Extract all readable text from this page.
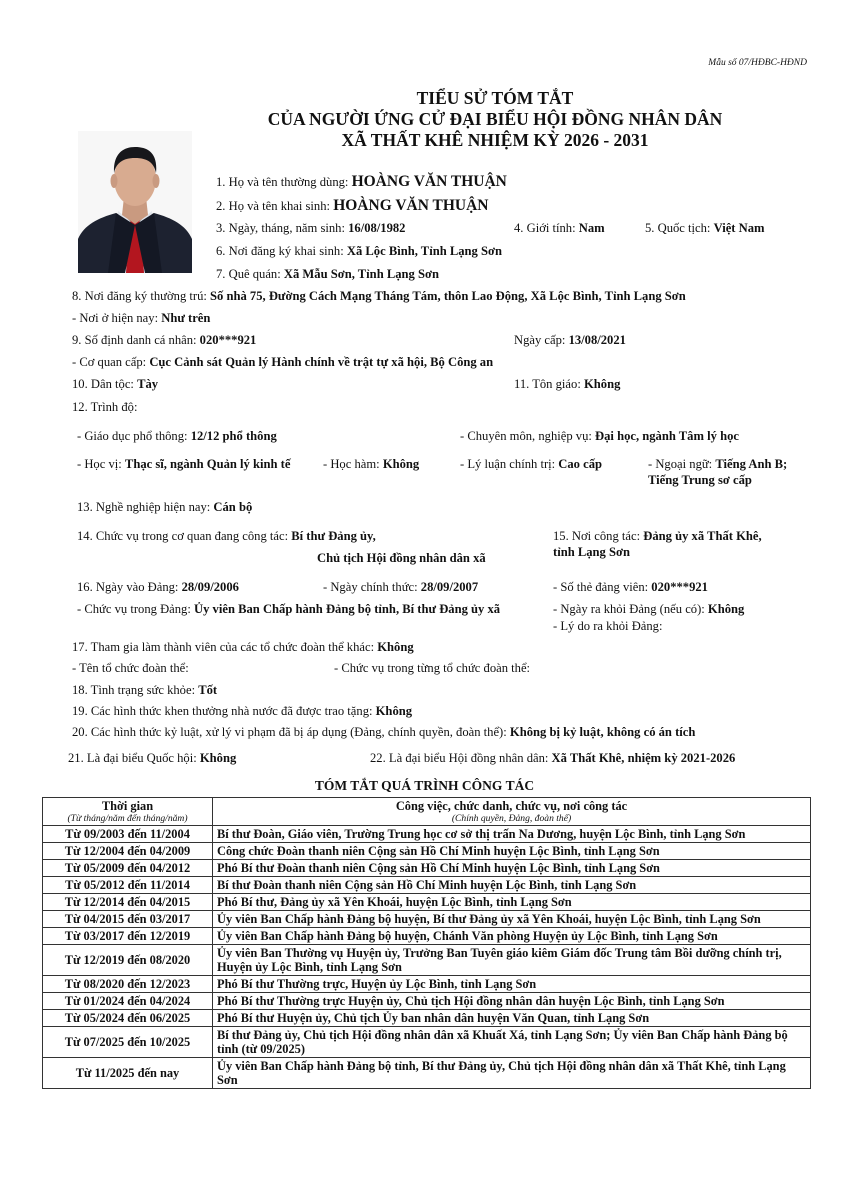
Mẫu số 07/HĐBC-HĐND
TIỂU SỬ TÓM TẮT
CỦA NGƯỜI ỨNG CỬ ĐẠI BIỂU HỘI ĐỒNG NHÂN DÂN
XÃ THẤT KHÊ NHIỆM KỲ 2026 - 2031
1. Họ và tên thường dùng: HOÀNG VĂN THUẬN
2. Họ và tên khai sinh: HOÀNG VĂN THUẬN
3. Ngày, tháng, năm sinh: 16/08/1982	4. Giới tính: Nam	5. Quốc tịch: Việt Nam
6. Nơi đăng ký khai sinh: Xã Lộc Bình, Tỉnh Lạng Sơn
7. Quê quán: Xã Mẫu Sơn, Tỉnh Lạng Sơn
8. Nơi đăng ký thường trú: Số nhà 75, Đường Cách Mạng Tháng Tám, thôn Lao Động, Xã Lộc Bình, Tỉnh Lạng Sơn
- Nơi ở hiện nay: Như trên
9. Số định danh cá nhân: 020***921	Ngày cấp: 13/08/2021
- Cơ quan cấp: Cục Cảnh sát Quản lý Hành chính về trật tự xã hội, Bộ Công an
10. Dân tộc: Tày	11. Tôn giáo: Không
12. Trình độ:
- Giáo dục phổ thông: 12/12 phổ thông	- Chuyên môn, nghiệp vụ: Đại học, ngành Tâm lý học
- Học vị: Thạc sĩ, ngành Quản lý kinh tế	- Học hàm: Không	- Lý luận chính trị: Cao cấp	- Ngoại ngữ: Tiếng Anh B;
Tiếng Trung sơ cấp
13. Nghề nghiệp hiện nay: Cán bộ
14. Chức vụ trong cơ quan đang công tác: Bí thư Đảng ủy,
Chủ tịch Hội đồng nhân dân xã
15. Nơi công tác: Đảng ủy xã Thất Khê,
tỉnh Lạng Sơn
16. Ngày vào Đảng: 28/09/2006	- Ngày chính thức: 28/09/2007	- Số thẻ đảng viên: 020***921
- Chức vụ trong Đảng: Ủy viên Ban Chấp hành Đảng bộ tỉnh, Bí thư Đảng ủy xã	- Ngày ra khỏi Đảng (nếu có): Không
- Lý do ra khỏi Đảng:
17. Tham gia làm thành viên của các tổ chức đoàn thể khác: Không
- Tên tổ chức đoàn thể:	- Chức vụ trong từng tổ chức đoàn thể:
18. Tình trạng sức khỏe: Tốt
19. Các hình thức khen thưởng nhà nước đã được trao tặng: Không
20. Các hình thức kỷ luật, xử lý vi phạm đã bị áp dụng (Đảng, chính quyền, đoàn thể): Không bị kỷ luật, không có án tích
21. Là đại biểu Quốc hội: Không	22. Là đại biểu Hội đồng nhân dân: Xã Thất Khê, nhiệm kỳ 2021-2026
TÓM TẮT QUÁ TRÌNH CÔNG TÁC
Thời gian
(Từ tháng/năm đến tháng/năm)	Công việc, chức danh, chức vụ, nơi công tác
(Chính quyền, Đảng, đoàn thể)

Từ 09/2003 đến 11/2004	Bí thư Đoàn, Giáo viên, Trường Trung học cơ sở thị trấn Na Dương, huyện Lộc Bình, tỉnh Lạng Sơn
Từ 12/2004 đến 04/2009	Công chức Đoàn thanh niên Cộng sản Hồ Chí Minh huyện Lộc Bình, tỉnh Lạng Sơn
Từ 05/2009 đến 04/2012	Phó Bí thư Đoàn thanh niên Cộng sản Hồ Chí Minh huyện Lộc Bình, tỉnh Lạng Sơn
Từ 05/2012 đến 11/2014	Bí thư Đoàn thanh niên Cộng sản Hồ Chí Minh huyện Lộc Bình, tỉnh Lạng Sơn
Từ 12/2014 đến 04/2015	Phó Bí thư, Đảng ủy xã Yên Khoái, huyện Lộc Bình, tỉnh Lạng Sơn
Từ 04/2015 đến 03/2017	Ủy viên Ban Chấp hành Đảng bộ huyện, Bí thư Đảng ủy xã Yên Khoái, huyện Lộc Bình, tỉnh Lạng Sơn
Từ 03/2017 đến 12/2019	Ủy viên Ban Chấp hành Đảng bộ huyện, Chánh Văn phòng Huyện ủy Lộc Bình, tỉnh Lạng Sơn
Từ 12/2019 đến 08/2020	Ủy viên Ban Thường vụ Huyện ủy, Trưởng Ban Tuyên giáo kiêm Giám đốc Trung tâm Bồi dưỡng chính trị, Huyện ủy Lộc Bình, tỉnh Lạng Sơn
Từ 08/2020 đến 12/2023	Phó Bí thư Thường trực, Huyện ủy Lộc Bình, tỉnh Lạng Sơn
Từ 01/2024 đến 04/2024	Phó Bí thư Thường trực Huyện ủy, Chủ tịch Hội đồng nhân dân huyện Lộc Bình, tỉnh Lạng Sơn
Từ 05/2024 đến 06/2025	Phó Bí thư Huyện ủy, Chủ tịch Ủy ban nhân dân huyện Văn Quan, tỉnh Lạng Sơn
Từ 07/2025 đến 10/2025	Bí thư Đảng ủy, Chủ tịch Hội đồng nhân dân xã Khuất Xá, tỉnh Lạng Sơn; Ủy viên Ban Chấp hành Đảng bộ tỉnh (từ 09/2025)
Từ 11/2025 đến nay	Ủy viên Ban Chấp hành Đảng bộ tỉnh, Bí thư Đảng ủy, Chủ tịch Hội đồng nhân dân xã Thất Khê, tỉnh Lạng Sơn
